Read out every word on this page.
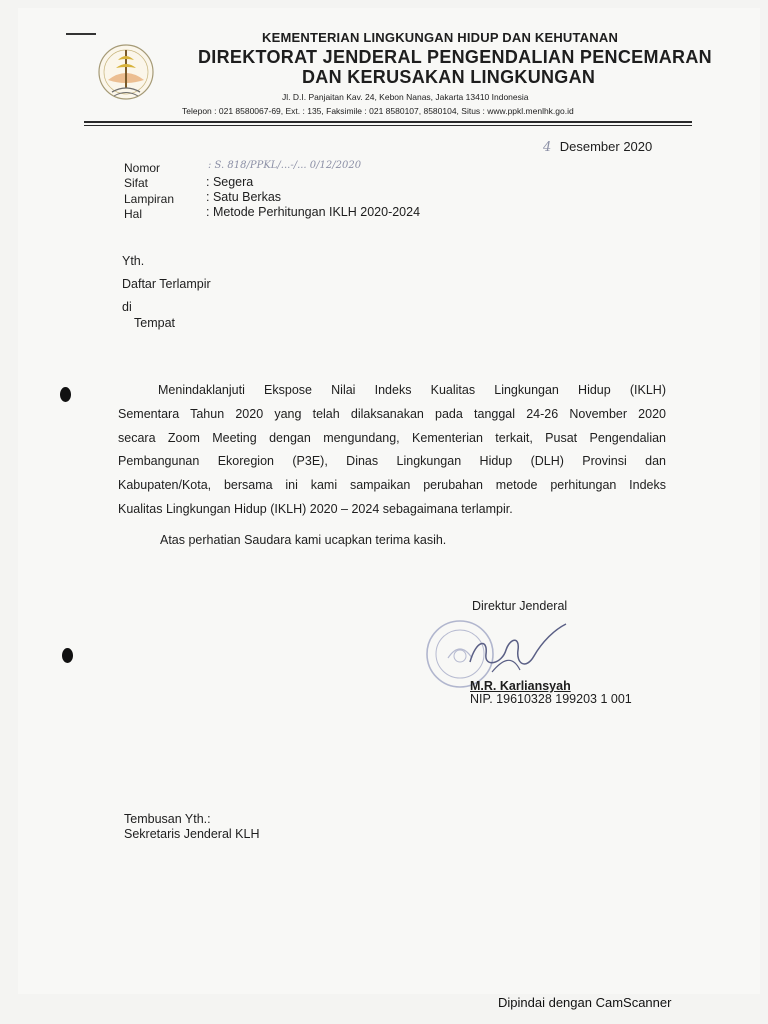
KEMENTERIAN LINGKUNGAN HIDUP DAN KEHUTANAN
DIREKTORAT JENDERAL PENGENDALIAN PENCEMARAN
DAN KERUSAKAN LINGKUNGAN
Jl. D.I. Panjaitan Kav. 24, Kebon Nanas, Jakarta 13410 Indonesia
Telepon : 021 8580067-69, Ext. : 135, Faksimile : 021 8580107, 8580104, Situs : www.ppkl.menlhk.go.id
4 Desember 2020
Nomor	: S. 818/PPKL/...-/... 0/12/2020
Sifat	: Segera
Lampiran	: Satu Berkas
Hal	: Metode Perhitungan IKLH 2020-2024
Yth.
Daftar Terlampir
di
Tempat
Menindaklanjuti Ekspose Nilai Indeks Kualitas Lingkungan Hidup (IKLH)
Sementara Tahun 2020 yang telah dilaksanakan pada tanggal 24-26 November 2020
secara Zoom Meeting dengan mengundang, Kementerian terkait, Pusat Pengendalian
Pembangunan Ekoregion (P3E), Dinas Lingkungan Hidup (DLH) Provinsi dan
Kabupaten/Kota, bersama ini kami sampaikan perubahan metode perhitungan Indeks
Kualitas Lingkungan Hidup (IKLH) 2020 – 2024 sebagaimana terlampir.
Atas perhatian Saudara kami ucapkan terima kasih.
Direktur Jenderal
M.R. Karliansyah
NIP. 19610328 199203 1 001
Tembusan Yth.:
Sekretaris Jenderal KLH
Dipindai dengan CamScanner
